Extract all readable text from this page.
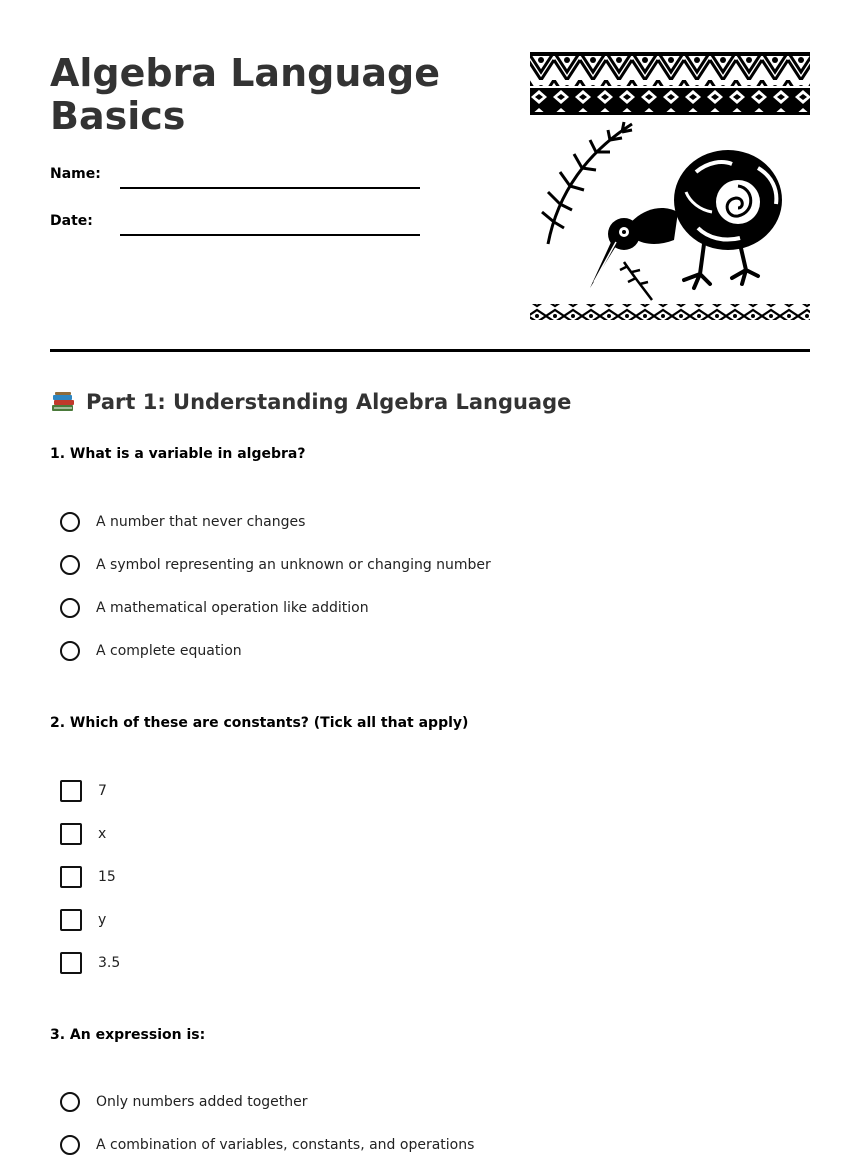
Algebra Language Basics
Name:
Date:
Part 1: Understanding Algebra Language

1. What is a variable in algebra?

A number that never changes
A symbol representing an unknown or changing number
A mathematical operation like addition
A complete equation

2. Which of these are constants? (Tick all that apply)

7
x
15
y
3.5

3. An expression is:

Only numbers added together
A combination of variables, constants, and operations
